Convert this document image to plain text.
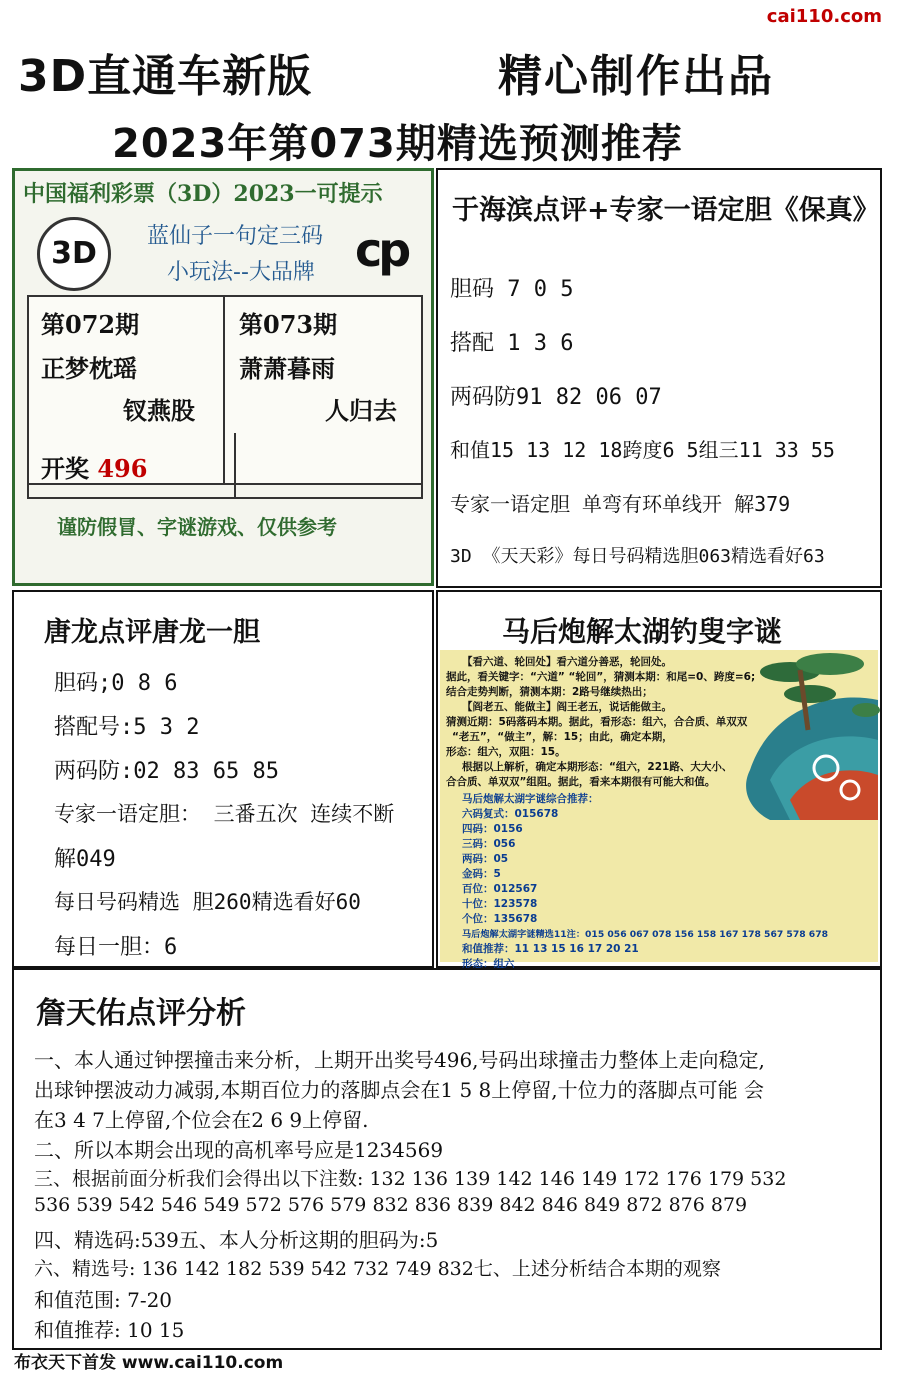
cai110.com
3D直通车新版	精心制作出品
2023年第073期精选预测推荐
中国福利彩票（3D）2023一可提示
3D	蓝仙子一句定三码
小玩法--大品牌 cp
第072期
正梦枕瑶
钗燕股
第073期
萧萧暮雨
人归去
开奖 496
谨防假冒、字谜游戏、仅供参考
于海滨点评+专家一语定胆《保真》
胆码 7 0 5
搭配 1 3 6
两码防91 82 06 07
和值15 13 12 18跨度6 5组三11 33 55
专家一语定胆 单弯有环单线开 解379
3D 《天天彩》每日号码精选胆063精选看好63
唐龙点评唐龙一胆
胆码;0 8 6
搭配号:5 3 2
两码防:02 83 65 85
专家一语定胆： 三番五次 连续不断
解049
每日号码精选 胆260精选看好60
每日一胆：6
马后炮解太湖钓叟字谜
【看六道、轮回处】看六道分善恶，轮回处。
据此，看关键字：“六道” “轮回”，猜测本期：和尾=0、跨度=6;
结合走势判断，猜测本期：2路号继续热出；
【阎老五、能做主】阎王老五，说话能做主。
猜测近期：5码落码本期。据此，看形态：组六，合合质、单双双
“老五”，“做主”，解：15；由此，确定本期，
形态：组六，双阻：15。
根据以上解析，确定本期形态：“组六，221路、大大小、
合合质、单双双”组阻。据此，看来本期很有可能大和值。
马后炮解太湖字谜综合推荐：
六码复式：015678
四码：0156
三码：056
两码：05
金码：5
百位：012567
十位：123578
个位：135678
马后炮解太湖字谜精选11注：015 056 067 078 156 158 167 178 567 578 678
和值推荐：11 13 15 16 17 20 21
形态：组六
詹天佑点评分析
一、本人通过钟摆撞击来分析，上期开出奖号496,号码出球撞击力整体上走向稳定,
出球钟摆波动力减弱,本期百位力的落脚点会在1 5 8上停留,十位力的落脚点可能 会
在3 4 7上停留,个位会在2 6 9上停留.
二、所以本期会出现的高机率号应是1234569
三、根据前面分析我们会得出以下注数: 132 136 139 142 146 149 172 176 179 532
536 539 542 546 549 572 576 579 832 836 839 842 846 849 872 876 879
四、精选码:539五、本人分析这期的胆码为:5
六、精选号: 136 142 182 539 542 732 749 832七、上述分析结合本期的观察
和值范围: 7-20
和值推荐: 10 15
布衣天下首发 www.cai110.com
